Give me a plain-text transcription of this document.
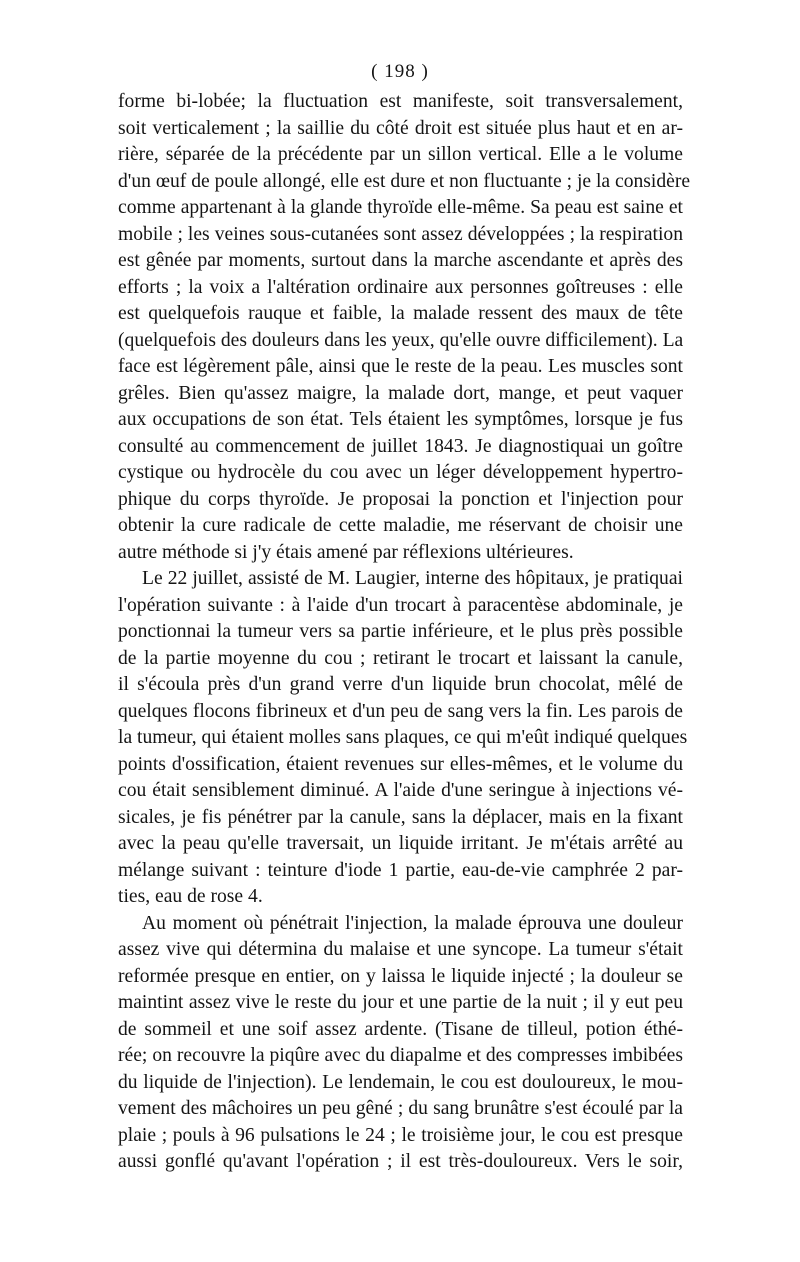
( 198 )
forme bi-lobée; la fluctuation est manifeste, soit transversalement,
soit verticalement ; la saillie du côté droit est située plus haut et en ar-
rière, séparée de la précédente par un sillon vertical. Elle a le volume
d'un œuf de poule allongé, elle est dure et non fluctuante ; je la considère
comme appartenant à la glande thyroïde elle-même. Sa peau est saine et
mobile ; les veines sous-cutanées sont assez développées ; la respiration
est gênée par moments, surtout dans la marche ascendante et après des
efforts ; la voix a l'altération ordinaire aux personnes goîtreuses : elle
est quelquefois rauque et faible, la malade ressent des maux de tête
(quelquefois des douleurs dans les yeux, qu'elle ouvre difficilement). La
face est légèrement pâle, ainsi que le reste de la peau. Les muscles sont
grêles. Bien qu'assez maigre, la malade dort, mange, et peut vaquer
aux occupations de son état. Tels étaient les symptômes, lorsque je fus
consulté au commencement de juillet 1843. Je diagnostiquai un goître
cystique ou hydrocèle du cou avec un léger développement hypertro-
phique du corps thyroïde. Je proposai la ponction et l'injection pour
obtenir la cure radicale de cette maladie, me réservant de choisir une
autre méthode si j'y étais amené par réflexions ultérieures.
Le 22 juillet, assisté de M. Laugier, interne des hôpitaux, je pratiquai
l'opération suivante : à l'aide d'un trocart à paracentèse abdominale, je
ponctionnai la tumeur vers sa partie inférieure, et le plus près possible
de la partie moyenne du cou ; retirant le trocart et laissant la canule,
il s'écoula près d'un grand verre d'un liquide brun chocolat, mêlé de
quelques flocons fibrineux et d'un peu de sang vers la fin. Les parois de
la tumeur, qui étaient molles sans plaques, ce qui m'eût indiqué quelques
points d'ossification, étaient revenues sur elles-mêmes, et le volume du
cou était sensiblement diminué. A l'aide d'une seringue à injections vé-
sicales, je fis pénétrer par la canule, sans la déplacer, mais en la fixant
avec la peau qu'elle traversait, un liquide irritant. Je m'étais arrêté au
mélange suivant : teinture d'iode 1 partie, eau-de-vie camphrée 2 par-
ties, eau de rose 4.
Au moment où pénétrait l'injection, la malade éprouva une douleur
assez vive qui détermina du malaise et une syncope. La tumeur s'était
reformée presque en entier, on y laissa le liquide injecté ; la douleur se
maintint assez vive le reste du jour et une partie de la nuit ; il y eut peu
de sommeil et une soif assez ardente. (Tisane de tilleul, potion éthé-
rée; on recouvre la piqûre avec du diapalme et des compresses imbibées
du liquide de l'injection). Le lendemain, le cou est douloureux, le mou-
vement des mâchoires un peu gêné ; du sang brunâtre s'est écoulé par la
plaie ; pouls à 96 pulsations le 24 ; le troisième jour, le cou est presque
aussi gonflé qu'avant l'opération ; il est très-douloureux. Vers le soir,
